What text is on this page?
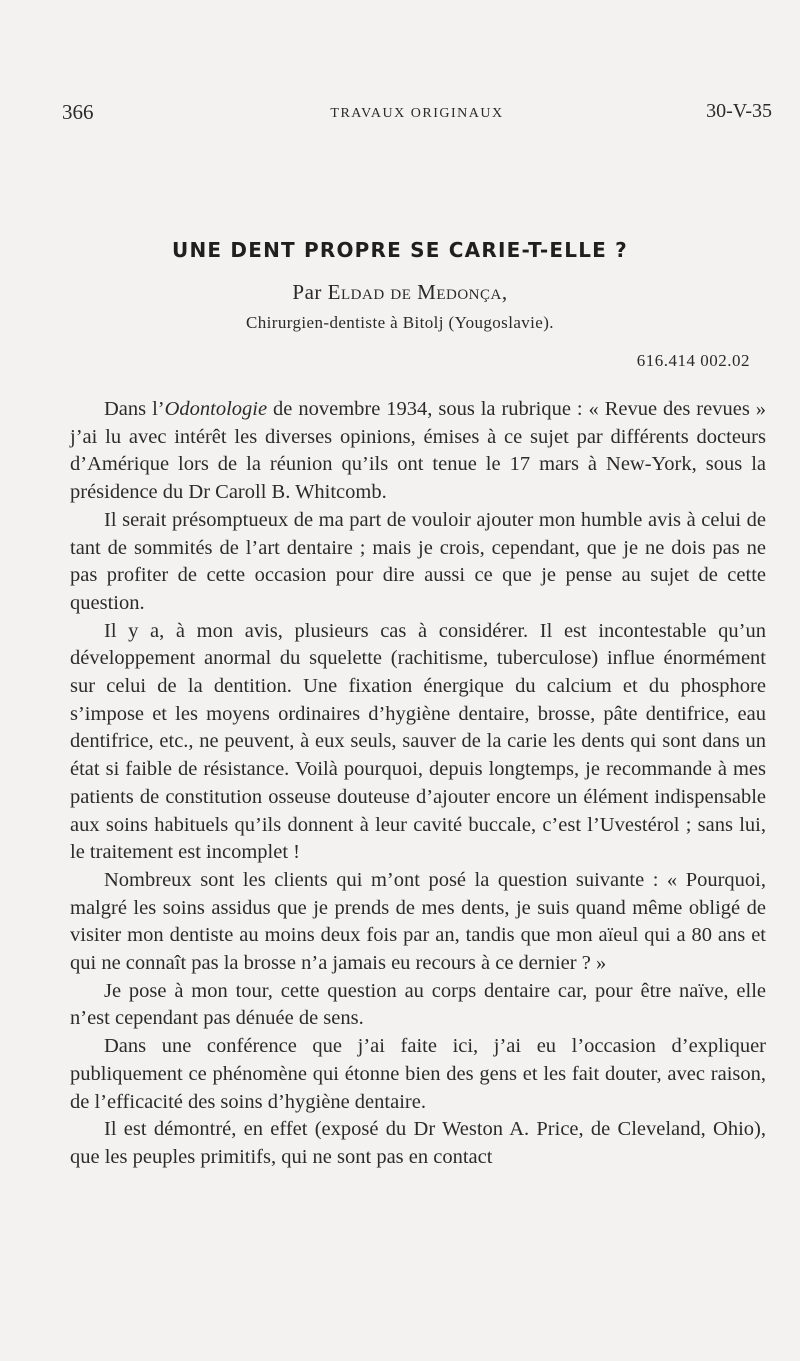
366	TRAVAUX ORIGINAUX	30-V-35
UNE DENT PROPRE SE CARIE-T-ELLE ?
Par Eldad de Medonça,
Chirurgien-dentiste à Bitolj (Yougoslavie).
616.414 002.02

Dans l’Odontologie de novembre 1934, sous la rubrique : « Revue des revues » j’ai lu avec intérêt les diverses opinions, émises à ce sujet par différents docteurs d’Amérique lors de la réunion qu’ils ont tenue le 17 mars à New-York, sous la présidence du Dr Caroll B. Whitcomb.

Il serait présomptueux de ma part de vouloir ajouter mon humble avis à celui de tant de sommités de l’art dentaire ; mais je crois, cependant, que je ne dois pas ne pas profiter de cette occasion pour dire aussi ce que je pense au sujet de cette question.

Il y a, à mon avis, plusieurs cas à considérer. Il est incontestable qu’un développement anormal du squelette (rachitisme, tuberculose) influe énormément sur celui de la dentition. Une fixation énergique du calcium et du phosphore s’impose et les moyens ordinaires d’hygiène dentaire, brosse, pâte dentifrice, eau dentifrice, etc., ne peuvent, à eux seuls, sauver de la carie les dents qui sont dans un état si faible de résistance. Voilà pourquoi, depuis longtemps, je recommande à mes patients de constitution osseuse douteuse d’ajouter encore un élément indispensable aux soins habituels qu’ils donnent à leur cavité buccale, c’est l’Uvestérol ; sans lui, le traitement est incomplet !

Nombreux sont les clients qui m’ont posé la question suivante : « Pourquoi, malgré les soins assidus que je prends de mes dents, je suis quand même obligé de visiter mon dentiste au moins deux fois par an, tandis que mon aïeul qui a 80 ans et qui ne connaît pas la brosse n’a jamais eu recours à ce dernier ? »

Je pose à mon tour, cette question au corps dentaire car, pour être naïve, elle n’est cependant pas dénuée de sens.

Dans une conférence que j’ai faite ici, j’ai eu l’occasion d’expliquer publiquement ce phénomène qui étonne bien des gens et les fait douter, avec raison, de l’efficacité des soins d’hygiène dentaire.

Il est démontré, en effet (exposé du Dr Weston A. Price, de Cleveland, Ohio), que les peuples primitifs, qui ne sont pas en contact
